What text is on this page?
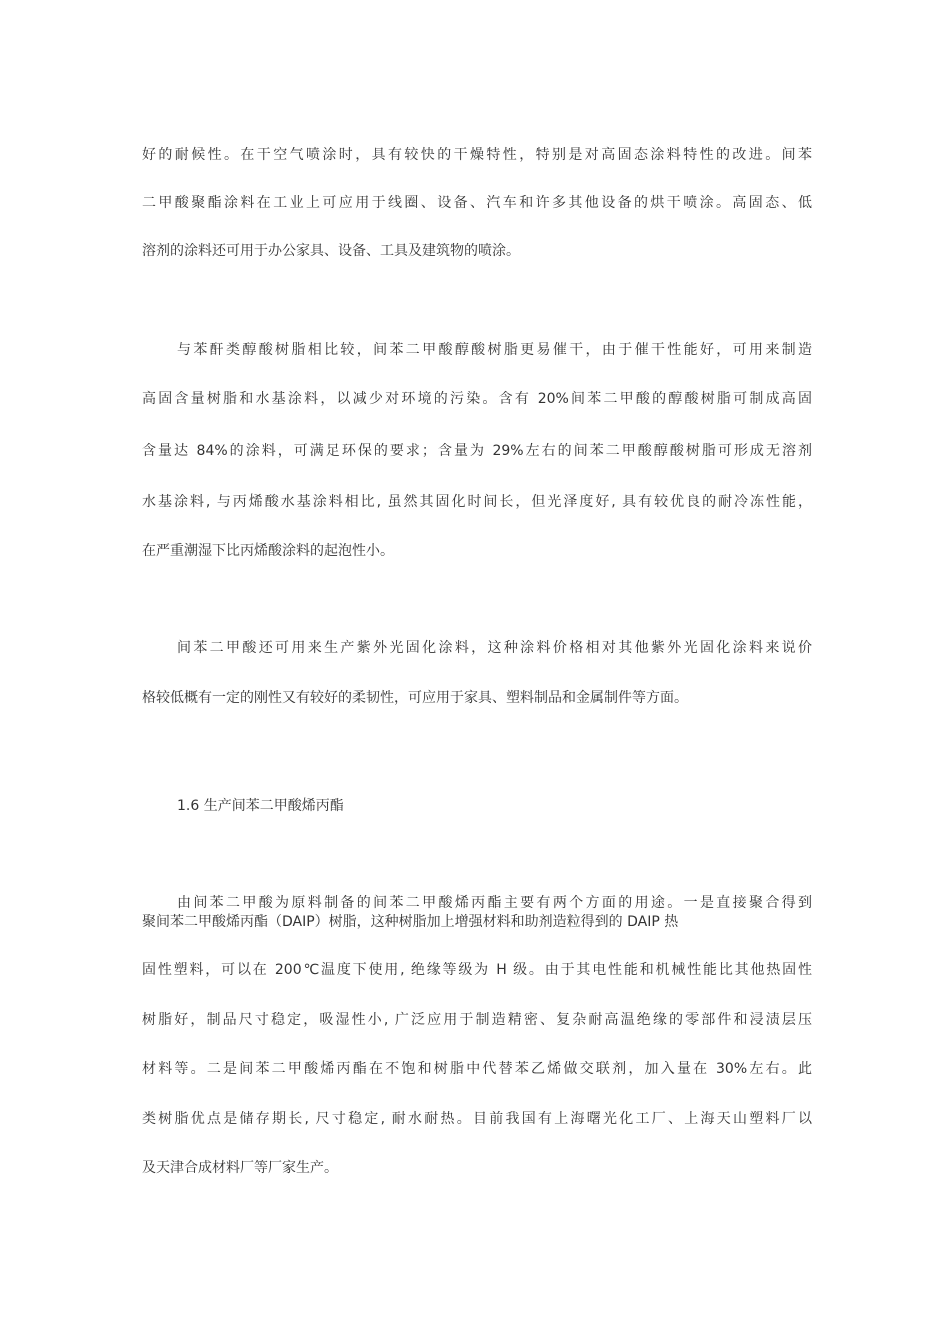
好的耐候性。在干空气喷涂时，具有较快的干燥特性，特别是对高固态涂料特性的改进。间苯
二甲酸聚酯涂料在工业上可应用于线圈、设备、汽车和许多其他设备的烘干喷涂。高固态、低
溶剂的涂料还可用于办公家具、设备、工具及建筑物的喷涂。
与苯酐类醇酸树脂相比较，间苯二甲酸醇酸树脂更易催干，由于催干性能好，可用来制造
高固含量树脂和水基涂料，以减少对环境的污染。含有 20%间苯二甲酸的醇酸树脂可制成高固
含量达 84%的涂料，可满足环保的要求；含量为 29%左右的间苯二甲酸醇酸树脂可形成无溶剂
水基涂料, 与丙烯酸水基涂料相比, 虽然其固化时间长，但光泽度好, 具有较优良的耐冷冻性能，
在严重潮湿下比丙烯酸涂料的起泡性小。
间苯二甲酸还可用来生产紫外光固化涂料，这种涂料价格相对其他紫外光固化涂料来说价
格较低概有一定的刚性又有较好的柔韧性，可应用于家具、塑料制品和金属制件等方面。
1.6 生产间苯二甲酸烯丙酯
由间苯二甲酸为原料制备的间苯二甲酸烯丙酯主要有两个方面的用途。一是直接聚合得到
聚间苯二甲酸烯丙酯（DAIP）树脂，这种树脂加上增强材料和助剂造粒得到的 DAIP 热
固性塑料，可以在 200℃温度下使用, 绝缘等级为 H 级。由于其电性能和机械性能比其他热固性
树脂好，制品尺寸稳定，吸湿性小, 广泛应用于制造精密、复杂耐高温绝缘的零部件和浸渍层压
材料等。二是间苯二甲酸烯丙酯在不饱和树脂中代替苯乙烯做交联剂，加入量在 30%左右。此
类树脂优点是储存期长, 尺寸稳定, 耐水耐热。目前我国有上海曙光化工厂、上海天山塑料厂以
及天津合成材料厂等厂家生产。
